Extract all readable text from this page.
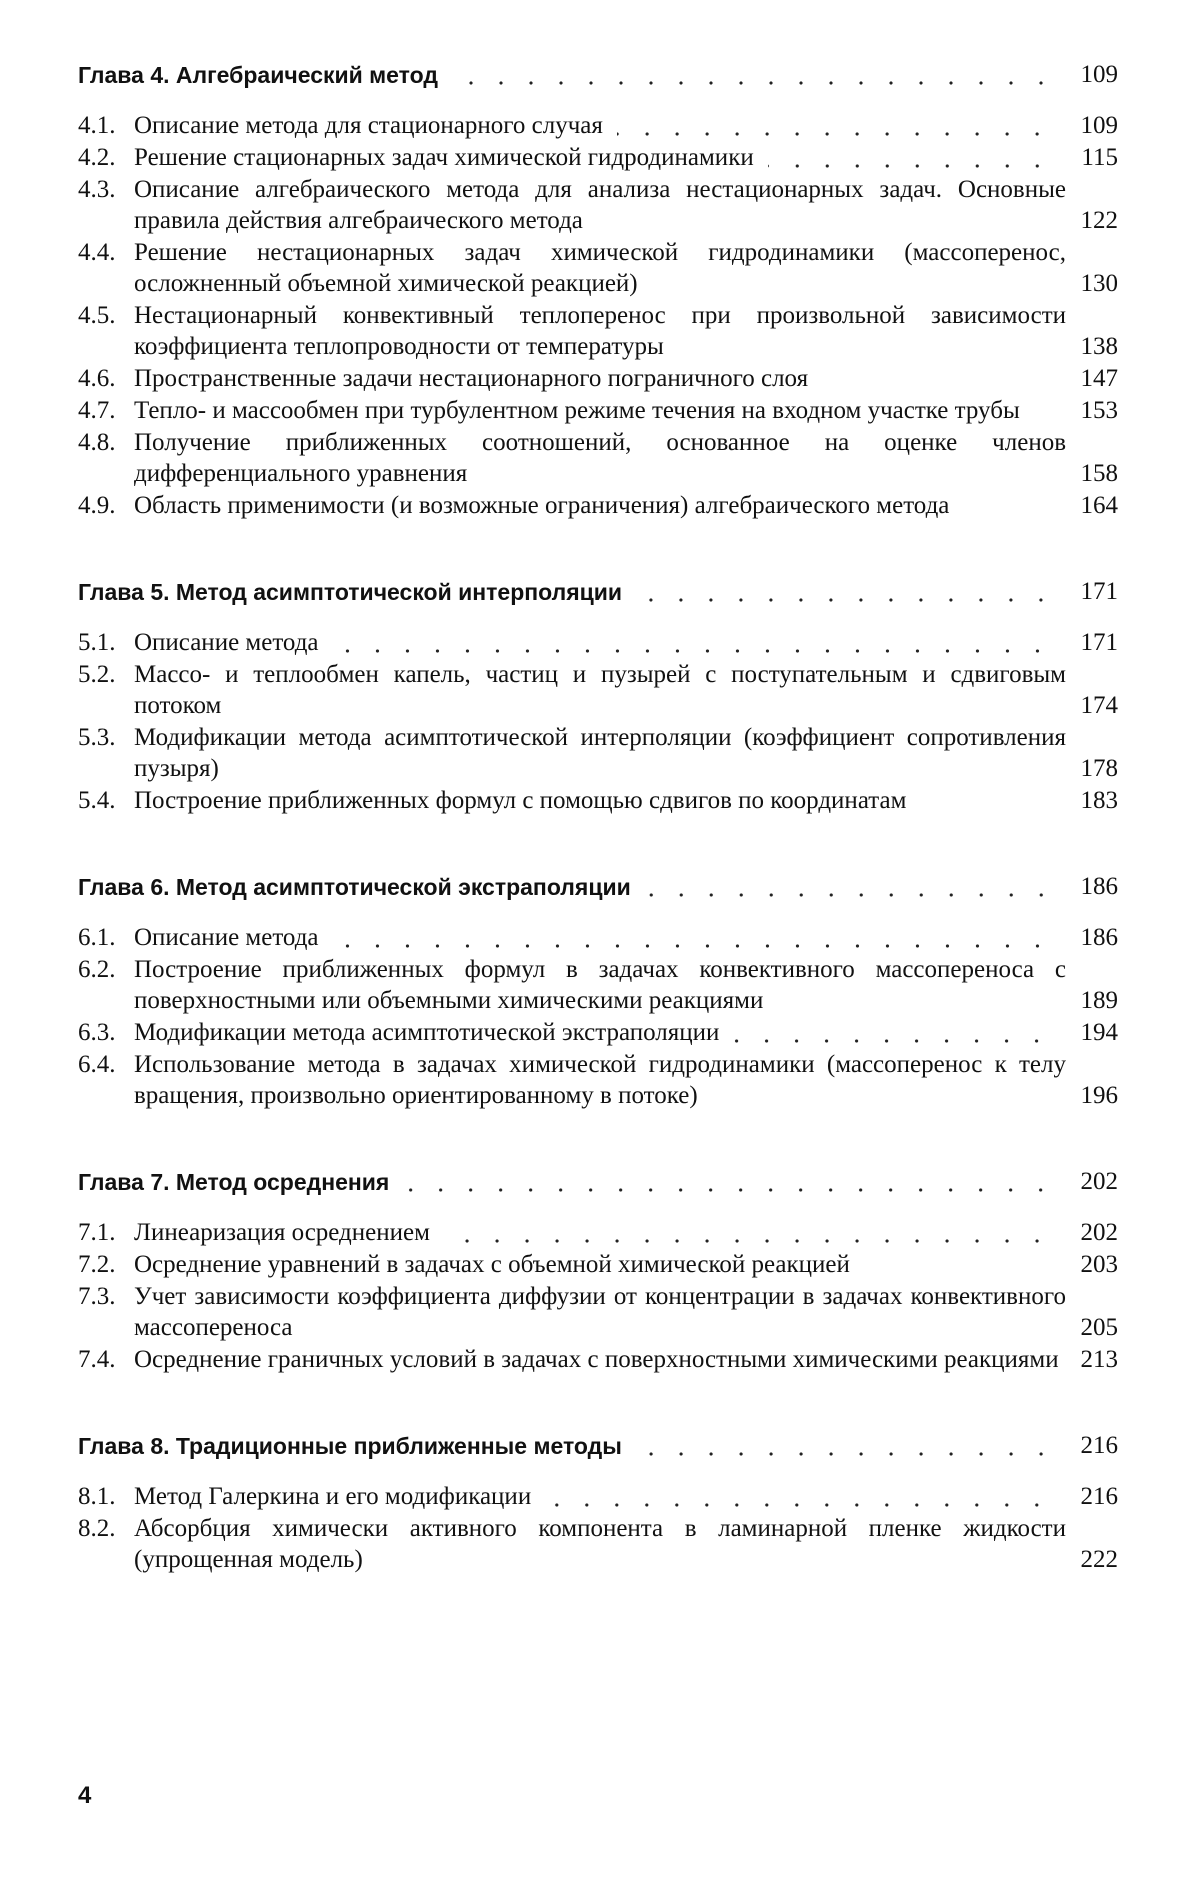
Глава 4. Алгебраический метод	109
4.1. Описание метода для стационарного случая	109
4.2. Решение стационарных задач химической гидродинамики	115
4.3. Описание алгебраического метода для анализа нестационарных задач. Основные правила действия алгебраического метода	122
4.4. Решение нестационарных задач химической гидродинамики (массоперенос, осложненный объемной химической реакцией)	130
4.5. Нестационарный конвективный теплоперенос при произвольной зависимости коэффициента теплопроводности от температуры	138
4.6. Пространственные задачи нестационарного пограничного слоя	147
4.7. Тепло- и массообмен при турбулентном режиме течения на входном участке трубы	153
4.8. Получение приближенных соотношений, основанное на оценке членов дифференциального уравнения	158
4.9. Область применимости (и возможные ограничения) алгебраического метода	164
Глава 5. Метод асимптотической интерполяции	171
5.1. Описание метода	171
5.2. Массо- и теплообмен капель, частиц и пузырей с поступательным и сдвиговым потоком	174
5.3. Модификации метода асимптотической интерполяции (коэффициент сопротивления пузыря)	178
5.4. Построение приближенных формул с помощью сдвигов по координатам	183
Глава 6. Метод асимптотической экстраполяции	186
6.1. Описание метода	186
6.2. Построение приближенных формул в задачах конвективного массопереноса с поверхностными или объемными химическими реакциями	189
6.3. Модификации метода асимптотической экстраполяции	194
6.4. Использование метода в задачах химической гидродинамики (массоперенос к телу вращения, произвольно ориентированному в потоке)	196
Глава 7. Метод осреднения	202
7.1. Линеаризация осреднением	202
7.2. Осреднение уравнений в задачах с объемной химической реакцией	203
7.3. Учет зависимости коэффициента диффузии от концентрации в задачах конвективного массопереноса	205
7.4. Осреднение граничных условий в задачах с поверхностными химическими реакциями 213
Глава 8. Традиционные приближенные методы	216
8.1. Метод Галеркина и его модификации	216
8.2. Абсорбция химически активного компонента в ламинарной пленке жидкости (упрощенная модель)	222
4
